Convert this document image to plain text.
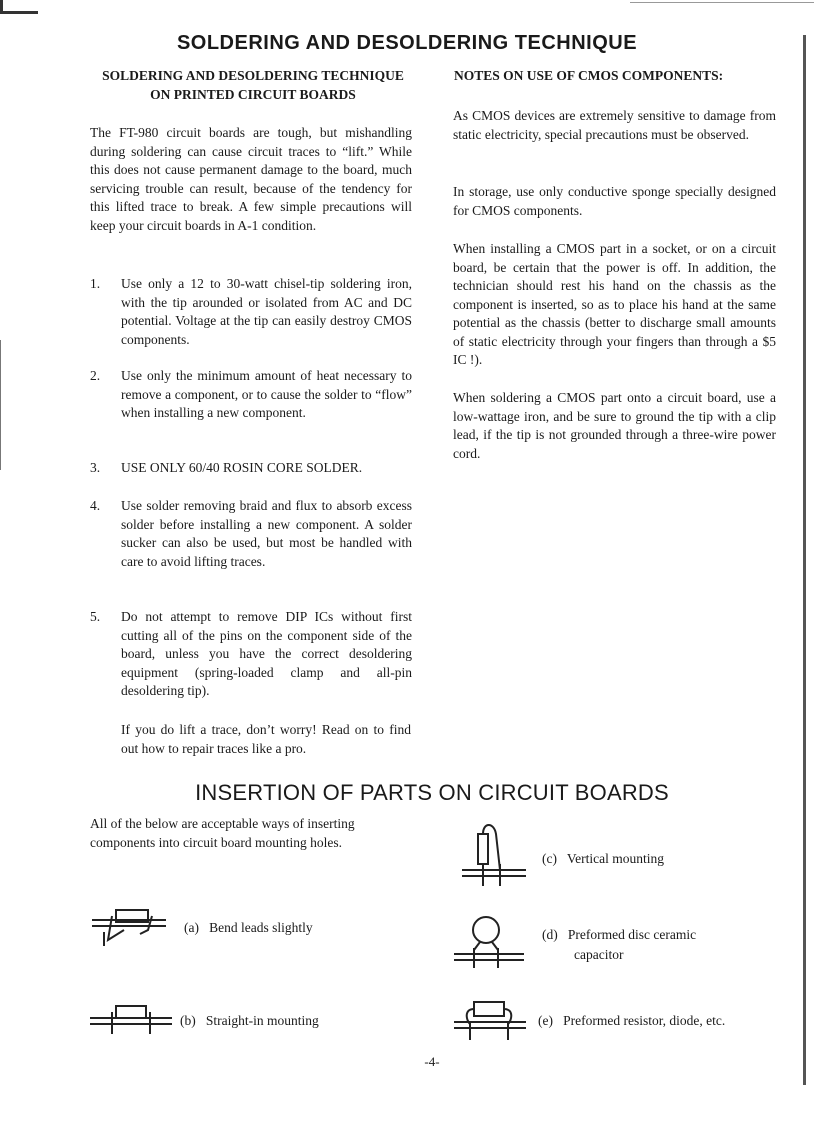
SOLDERING AND DESOLDERING TECHNIQUE
SOLDERING AND DESOLDERING TECHNIQUE
ON PRINTED CIRCUIT BOARDS
The FT-980 circuit boards are tough, but mishandling during soldering can cause circuit traces to “lift.” While this does not cause permanent damage to the board, much servicing trouble can result, because of the tendency for this lifted trace to break. A few simple precautions will keep your circuit boards in A-1 condition.
1. Use only a 12 to 30-watt chisel-tip soldering iron, with the tip arounded or isolated from AC and DC potential. Voltage at the tip can easily destroy CMOS components.
2. Use only the minimum amount of heat necessary to remove a component, or to cause the solder to “flow” when installing a new component.
3. USE ONLY 60/40 ROSIN CORE SOLDER.
4. Use solder removing braid and flux to absorb excess solder before installing a new component. A solder sucker can also be used, but most be handled with care to avoid lifting traces.
5. Do not attempt to remove DIP ICs without first cutting all of the pins on the component side of the board, unless you have the correct desoldering equipment (spring-loaded clamp and all-pin desoldering tip).
If you do lift a trace, don’t worry! Read on to find out how to repair traces like a pro.
NOTES ON USE OF CMOS COMPONENTS:
As CMOS devices are extremely sensitive to damage from static electricity, special precautions must be observed.
In storage, use only conductive sponge specially designed for CMOS components.
When installing a CMOS part in a socket, or on a circuit board, be certain that the power is off. In addition, the technician should rest his hand on the chassis as the component is inserted, so as to place his hand at the same potential as the chassis (better to discharge small amounts of static electricity through your fingers than through a $5 IC !).
When soldering a CMOS part onto a circuit board, use a low-wattage iron, and be sure to ground the tip with a clip lead, if the tip is not grounded through a three-wire power cord.
INSERTION OF PARTS ON CIRCUIT BOARDS
All of the below are acceptable ways of inserting components into circuit board mounting holes.
(a) Bend leads slightly
(b) Straight-in mounting
(c) Vertical mounting
(d) Preformed disc ceramic
capacitor
(e) Preformed resistor, diode, etc.
-4-
